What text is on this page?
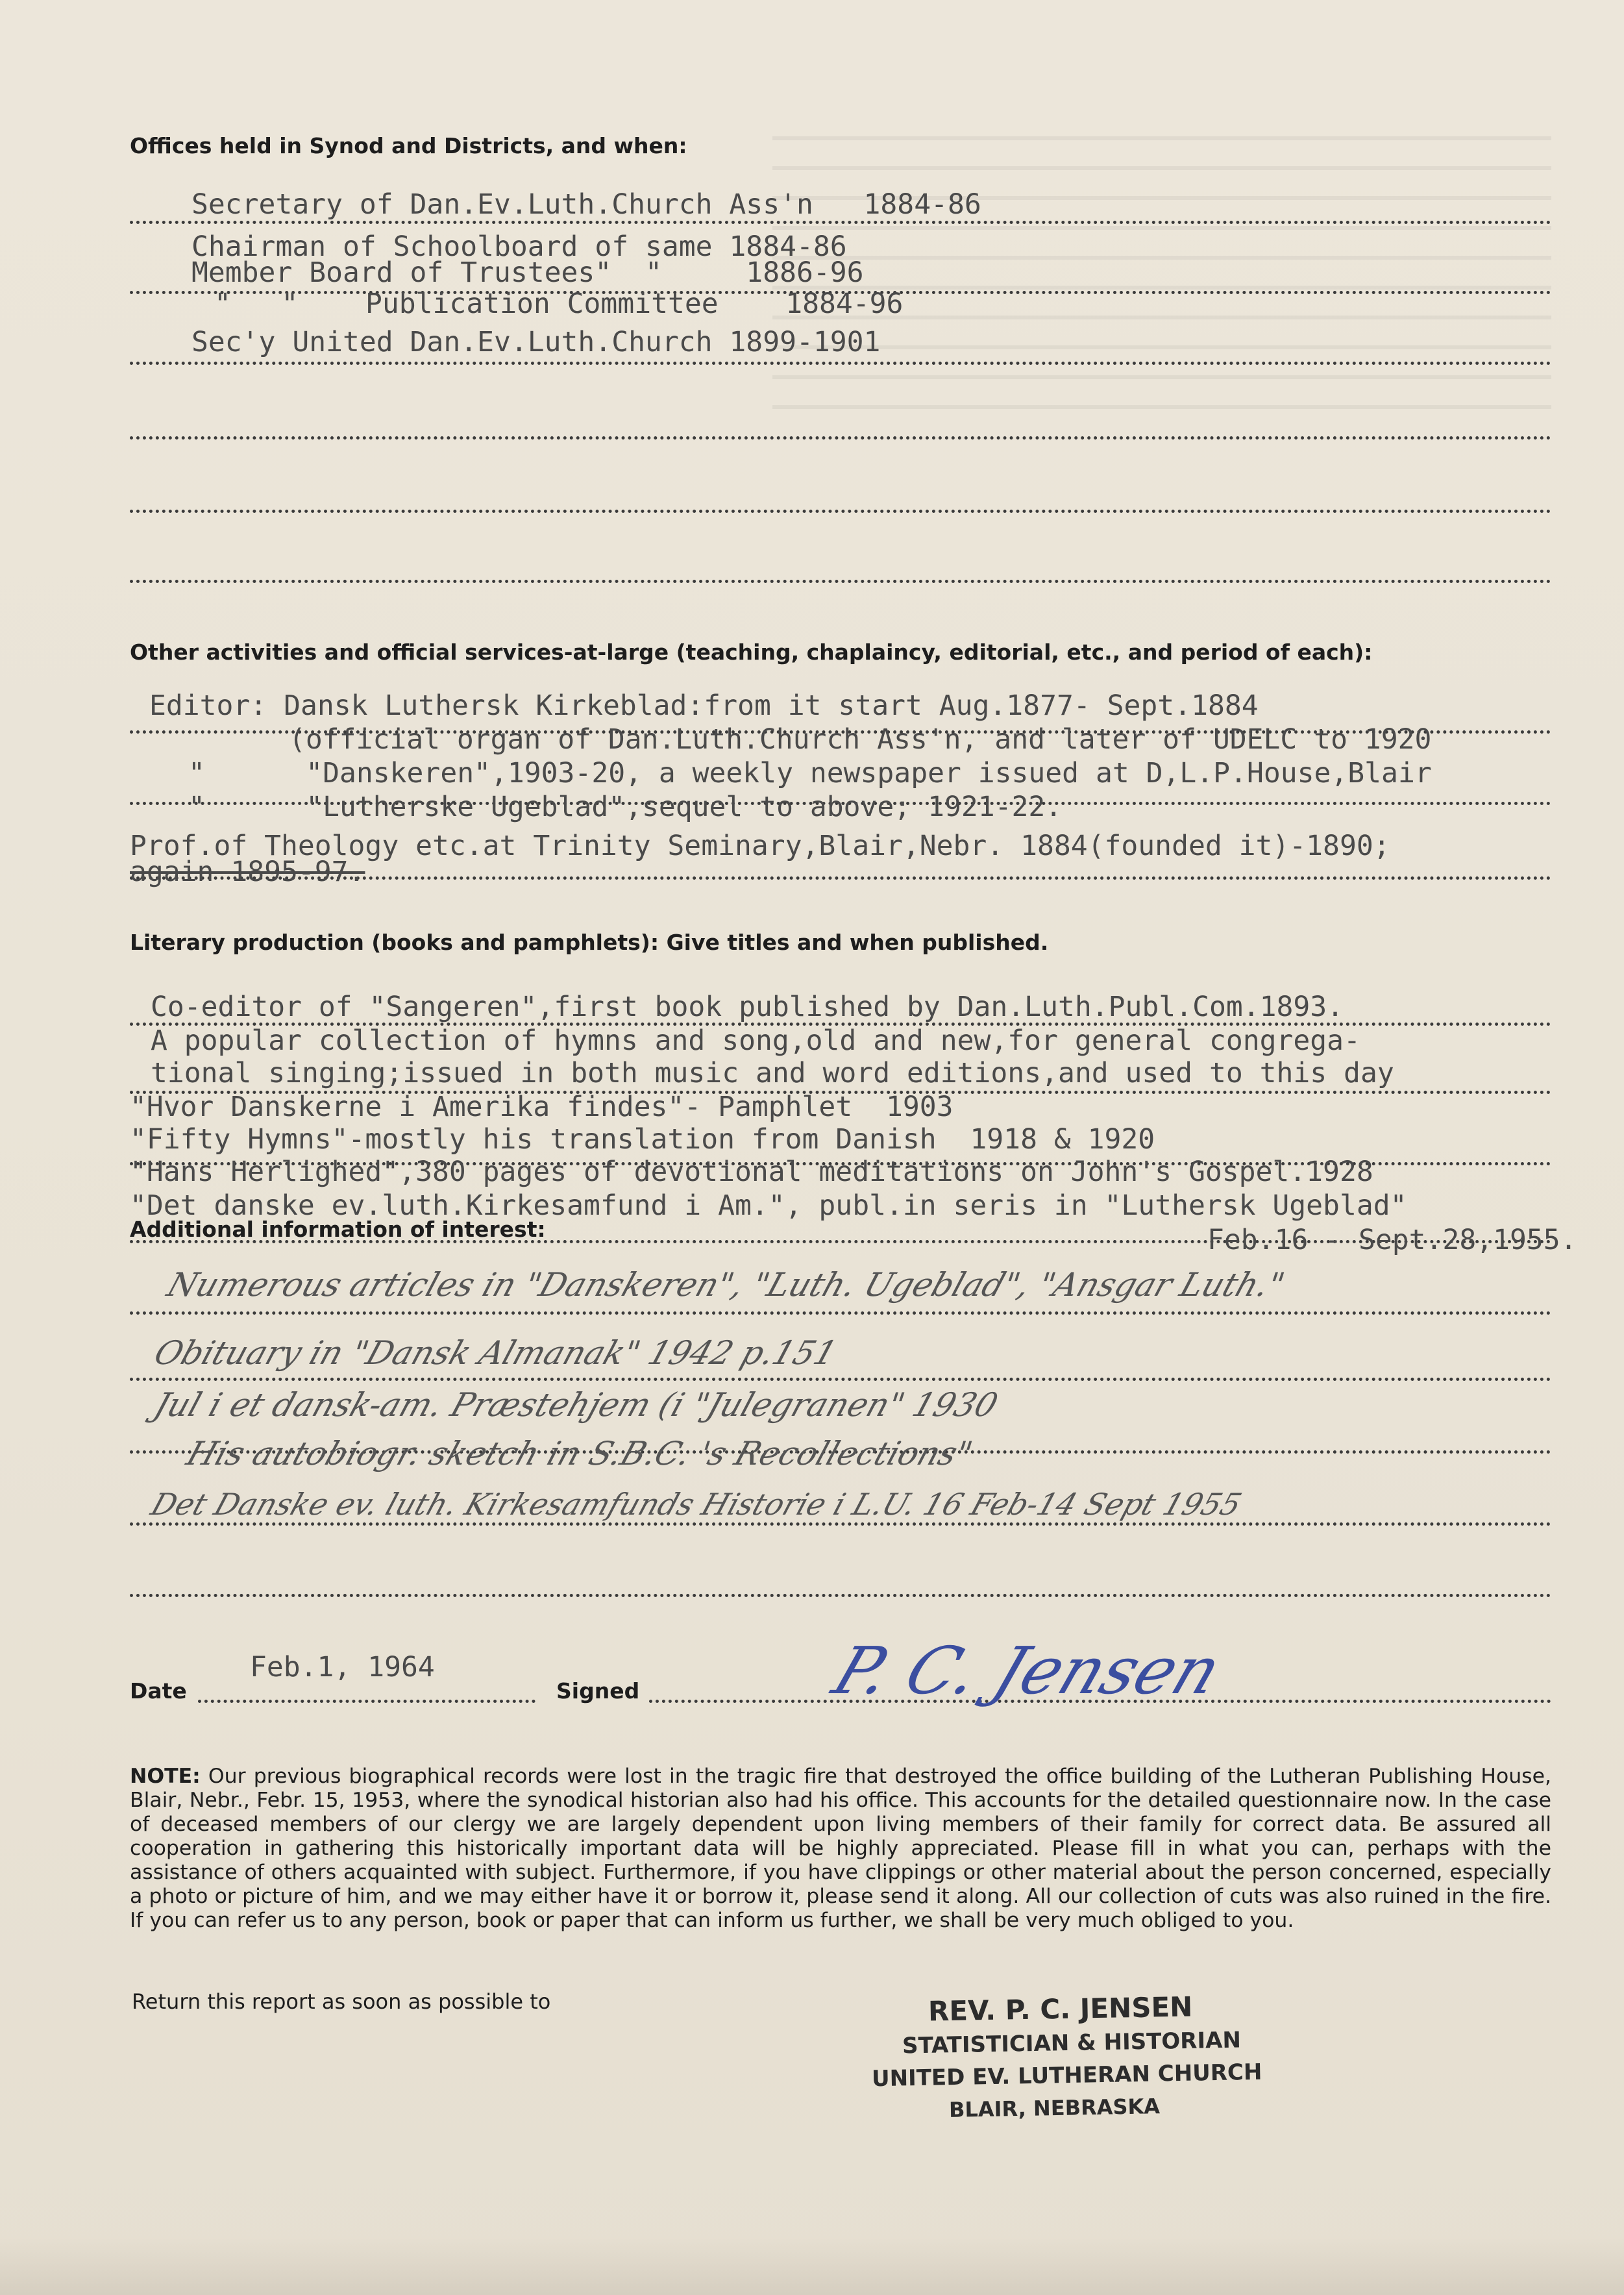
Offices held in Synod and Districts, and when:
Secretary of Dan.Ev.Luth.Church Ass'n   1884-86
Chairman of Schoolboard of same 1884-86
Member Board of Trustees"  "     1886-96
"   "    Publication Committee    1884-96
Sec'y United Dan.Ev.Luth.Church 1899-1901
Other activities and official services-at-large (teaching, chaplaincy, editorial, etc., and period of each):
Editor: Dansk Luthersk Kirkeblad:from it start Aug.1877- Sept.1884
(official organ of Dan.Luth.Church Ass'n, and later of UDELC to 1920
"      "Danskeren",1903-20, a weekly newspaper issued at D,L.P.House,Blair
"      "Lutherske Ugeblad",sequel to above; 1921-22.
Prof.of Theology etc.at Trinity Seminary,Blair,Nebr. 1884(founded it)-1890;
again 1895-97.
Literary production (books and pamphlets): Give titles and when published.
Co-editor of "Sangeren",first book published by Dan.Luth.Publ.Com.1893.
A popular collection of hymns and song,old and new,for general congrega-
tional singing;issued in both music and word editions,and used to this day
"Hvor Danskerne i Amerika findes"- Pamphlet  1903
"Fifty Hymns"-mostly his translation from Danish  1918 & 1920
"Hans Herlighed",380 pages of devotional meditations on John's Gospel.1928
"Det danske ev.luth.Kirkesamfund i Am.", publ.in seris in "Luthersk Ugeblad"
Feb.16 - Sept.28,1955.
Additional information of interest:
Numerous articles in "Danskeren", "Luth. Ugeblad", "Ansgar Luth."
Obituary in "Dansk Almanak" 1942 p.151
Jul i et dansk-am. Præstehjem (i "Julegranen" 1930
His autobiogr. sketch in S.B.C. 's Recollections"
Det Danske ev. luth. Kirkesamfunds Historie i L.U. 16 Feb-14 Sept 1955
Date
Feb.1, 1964
Signed	P. C. Jensen
NOTE: Our previous biographical records were lost in the tragic fire that destroyed the office building of the Lutheran Publishing House, Blair, Nebr., Febr. 15, 1953, where the synodical historian also had his office. This accounts for the detailed questionnaire now. In the case of deceased members of our clergy we are largely dependent upon living members of their family for correct data. Be assured all cooperation in gathering this historically important data will be highly appreciated. Please fill in what you can, perhaps with the assistance of others acquainted with subject. Furthermore, if you have clippings or other material about the person concerned, especially a photo or picture of him, and we may either have it or borrow it, please send it along. All our collection of cuts was also ruined in the fire. If you can refer us to any person, book or paper that can inform us further, we shall be very much obliged to you.
Return this report as soon as possible to	REV. P. C. JENSEN
STATISTICIAN & HISTORIAN
UNITED EV. LUTHERAN CHURCH
BLAIR, NEBRASKA
